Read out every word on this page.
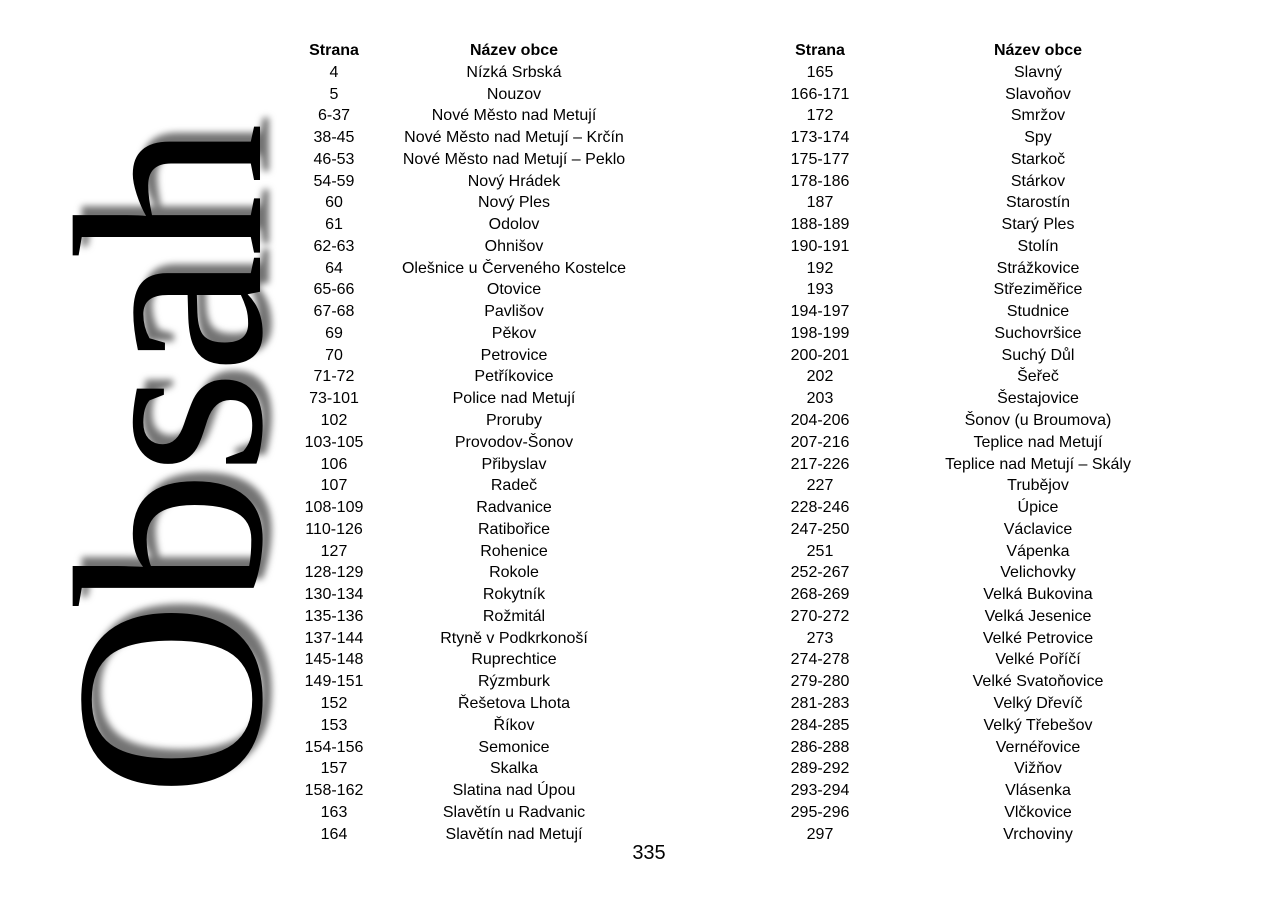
Obsah
Strana	Název obce
4	Nízká Srbská
5	Nouzov
6-37	Nové Město nad Metují
38-45	Nové Město nad Metují – Krčín
46-53	Nové Město nad Metují – Peklo
54-59	Nový Hrádek
60	Nový Ples
61	Odolov
62-63	Ohnišov
64	Olešnice u Červeného Kostelce
65-66	Otovice
67-68	Pavlišov
69	Pěkov
70	Petrovice
71-72	Petříkovice
73-101	Police nad Metují
102	Proruby
103-105	Provodov-Šonov
106	Přibyslav
107	Radeč
108-109	Radvanice
110-126	Ratibořice
127	Rohenice
128-129	Rokole
130-134	Rokytník
135-136	Rožmitál
137-144	Rtyně v Podkrkonoší
145-148	Ruprechtice
149-151	Rýzmburk
152	Řešetova Lhota
153	Říkov
154-156	Semonice
157	Skalka
158-162	Slatina nad Úpou
163	Slavětín u Radvanic
164	Slavětín nad Metují
Strana	Název obce
165	Slavný
166-171	Slavoňov
172	Smržov
173-174	Spy
175-177	Starkoč
178-186	Stárkov
187	Starostín
188-189	Starý Ples
190-191	Stolín
192	Strážkovice
193	Střeziměřice
194-197	Studnice
198-199	Suchovršice
200-201	Suchý Důl
202	Šeřeč
203	Šestajovice
204-206	Šonov (u Broumova)
207-216	Teplice nad Metují
217-226	Teplice nad Metují – Skály
227	Trubějov
228-246	Úpice
247-250	Václavice
251	Vápenka
252-267	Velichovky
268-269	Velká Bukovina
270-272	Velká Jesenice
273	Velké Petrovice
274-278	Velké Poříčí
279-280	Velké Svatoňovice
281-283	Velký Dřevíč
284-285	Velký Třebešov
286-288	Vernéřovice
289-292	Vižňov
293-294	Vlásenka
295-296	Vlčkovice
297	Vrchoviny
335
